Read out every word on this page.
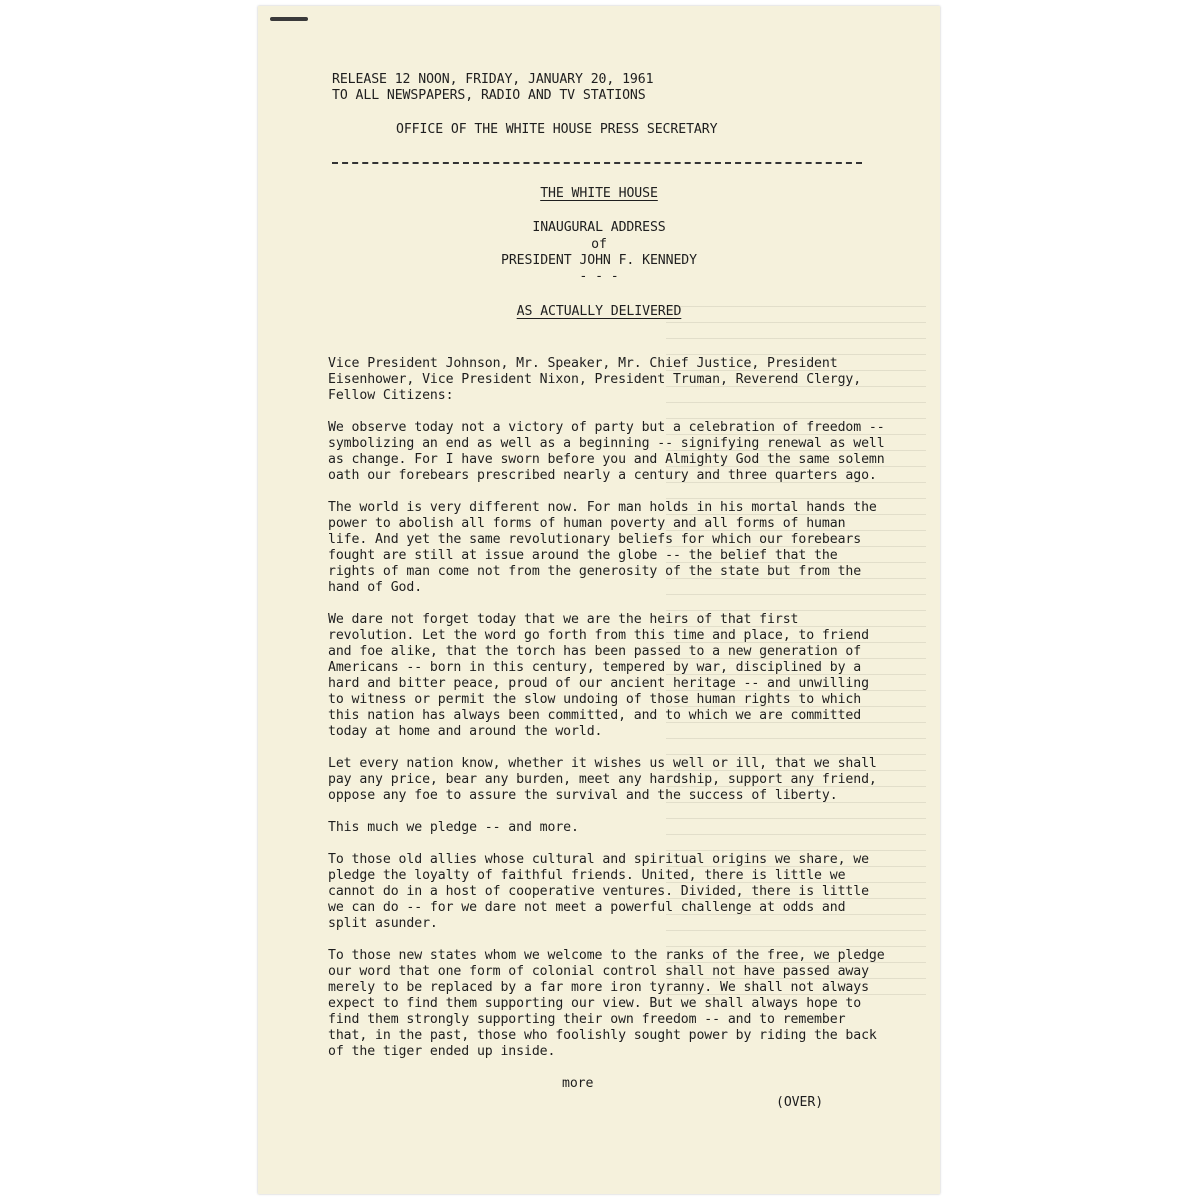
RELEASE 12 NOON, FRIDAY, JANUARY 20, 1961
TO ALL NEWSPAPERS, RADIO AND TV STATIONS
OFFICE OF THE WHITE HOUSE PRESS SECRETARY
THE WHITE HOUSE
INAUGURAL ADDRESS
of
PRESIDENT JOHN F. KENNEDY
- - -
AS ACTUALLY DELIVERED

Vice President Johnson, Mr. Speaker, Mr. Chief Justice, President Eisenhower, Vice President Nixon, President Truman, Reverend Clergy, Fellow Citizens:

We observe today not a victory of party but a celebration of freedom -- symbolizing an end as well as a beginning -- signifying renewal as well as change. For I have sworn before you and Almighty God the same solemn oath our forebears prescribed nearly a century and three quarters ago.

The world is very different now. For man holds in his mortal hands the power to abolish all forms of human poverty and all forms of human life. And yet the same revolutionary beliefs for which our forebears fought are still at issue around the globe -- the belief that the rights of man come not from the generosity of the state but from the hand of God.

We dare not forget today that we are the heirs of that first revolution. Let the word go forth from this time and place, to friend and foe alike, that the torch has been passed to a new generation of Americans -- born in this century, tempered by war, disciplined by a hard and bitter peace, proud of our ancient heritage -- and unwilling to witness or permit the slow undoing of those human rights to which this nation has always been committed, and to which we are committed today at home and around the world.

Let every nation know, whether it wishes us well or ill, that we shall pay any price, bear any burden, meet any hardship, support any friend, oppose any foe to assure the survival and the success of liberty.

This much we pledge -- and more.

To those old allies whose cultural and spiritual origins we share, we pledge the loyalty of faithful friends. United, there is little we cannot do in a host of cooperative ventures. Divided, there is little we can do -- for we dare not meet a powerful challenge at odds and split asunder.

To those new states whom we welcome to the ranks of the free, we pledge our word that one form of colonial control shall not have passed away merely to be replaced by a far more iron tyranny. We shall not always expect to find them supporting our view. But we shall always hope to find them strongly supporting their own freedom -- and to remember that, in the past, those who foolishly sought power by riding the back of the tiger ended up inside.

more
(OVER)
